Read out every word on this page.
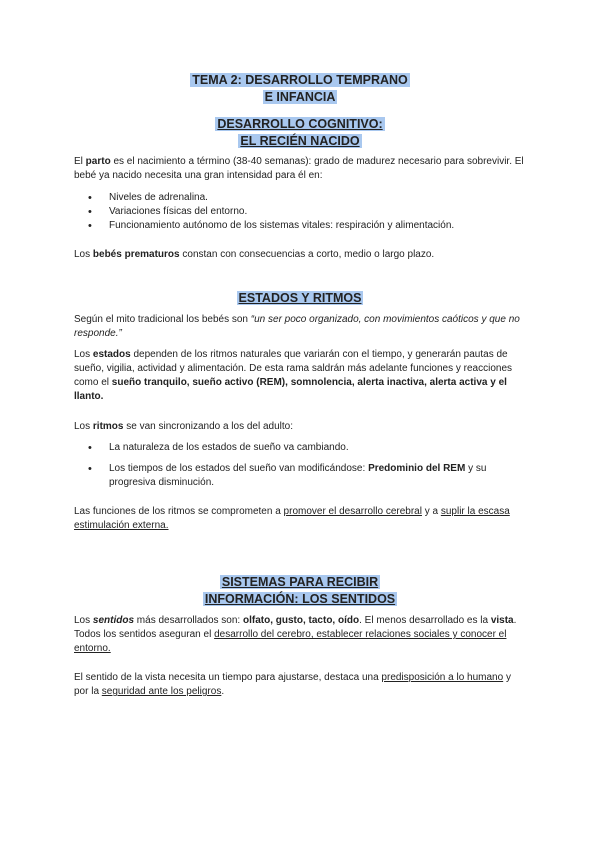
TEMA 2: DESARROLLO TEMPRANO
E INFANCIA
DESARROLLO COGNITIVO:
EL RECIÉN NACIDO

El parto es el nacimiento a término (38-40 semanas): grado de madurez necesario para sobrevivir. El bebé ya nacido necesita una gran intensidad para él en:

• Niveles de adrenalina.
• Variaciones físicas del entorno.
• Funcionamiento autónomo de los sistemas vitales: respiración y alimentación.

Los bebés prematuros constan con consecuencias a corto, medio o largo plazo.

ESTADOS Y RITMOS

Según el mito tradicional los bebés son “un ser poco organizado, con movimientos caóticos y que no responde.”

Los estados dependen de los ritmos naturales que variarán con el tiempo, y generarán pautas de sueño, vigilia, actividad y alimentación. De esta rama saldrán más adelante funciones y reacciones como el sueño tranquilo, sueño activo (REM), somnolencia, alerta inactiva, alerta activa y el llanto.

Los ritmos se van sincronizando a los del adulto:

• La naturaleza de los estados de sueño va cambiando.
• Los tiempos de los estados del sueño van modificándose: Predominio del REM y su progresiva disminución.

Las funciones de los ritmos se comprometen a promover el desarrollo cerebral y a suplir la escasa estimulación externa.

SISTEMAS PARA RECIBIR
INFORMACIÓN: LOS SENTIDOS

Los sentidos más desarrollados son: olfato, gusto, tacto, oído. El menos desarrollado es la vista. Todos los sentidos aseguran el desarrollo del cerebro, establecer relaciones sociales y conocer el entorno.

El sentido de la vista necesita un tiempo para ajustarse, destaca una predisposición a lo humano y por la seguridad ante los peligros.
